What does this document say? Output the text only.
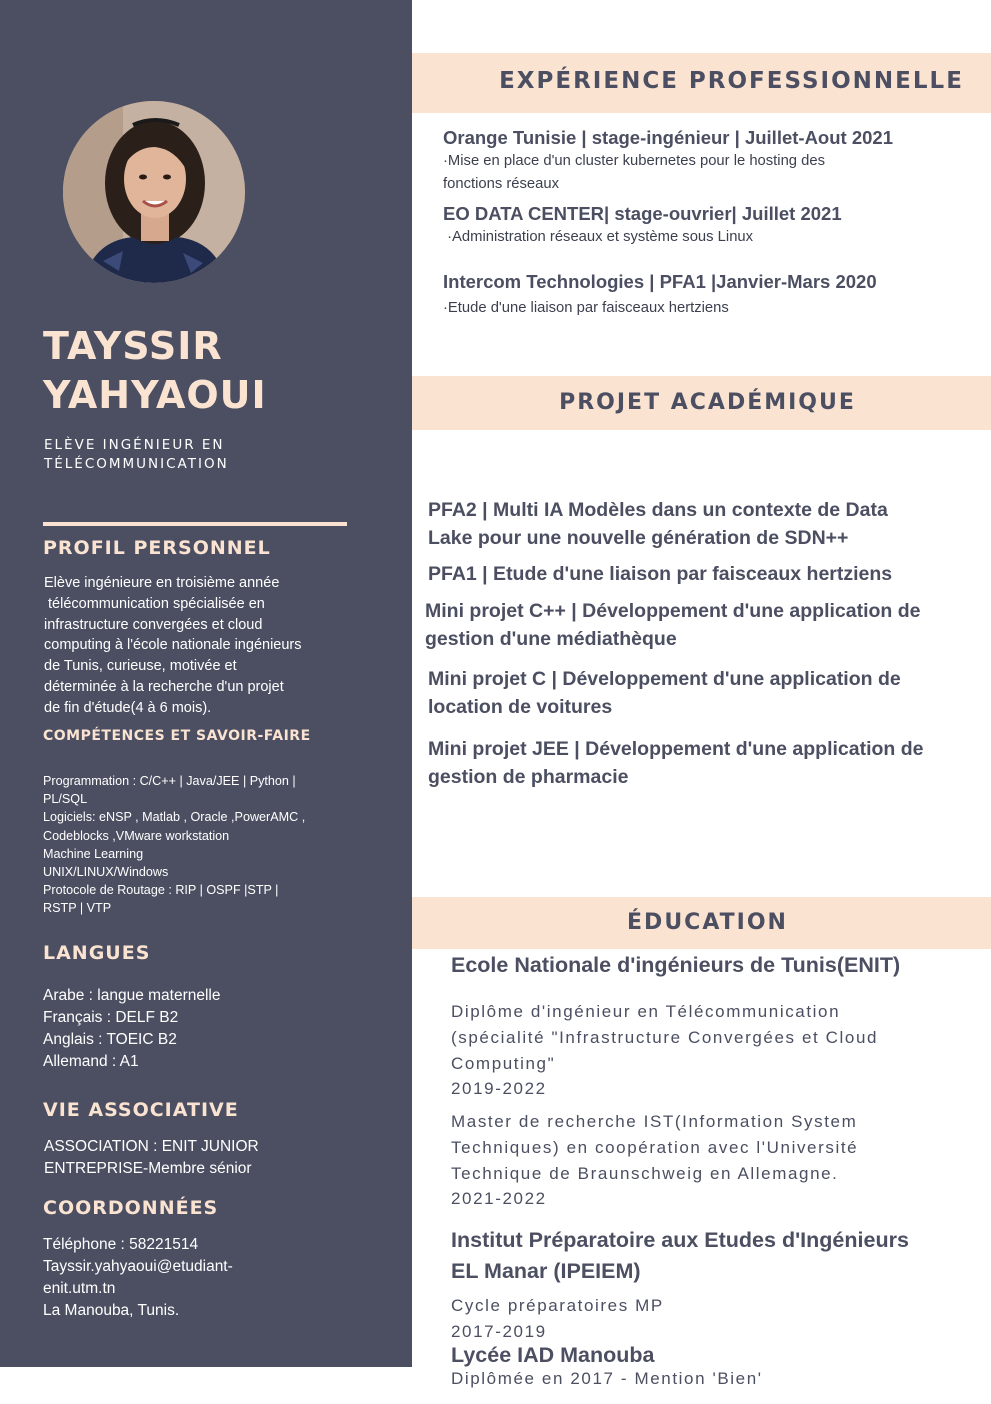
TAYSSIR
YAHYAOUI
ELÈVE INGÉNIEUR EN
TÉLÉCOMMUNICATION
PROFIL PERSONNEL
Elève ingénieure en troisième année
télécommunication spécialisée en
infrastructure convergées et cloud
computing à l'école nationale ingénieurs
de Tunis, curieuse, motivée et
déterminée à la recherche d'un projet
de fin d'étude(4 à 6 mois).
COMPÉTENCES ET SAVOIR-FAIRE
Programmation : C/C++ | Java/JEE | Python |
PL/SQL
Logiciels: eNSP , Matlab , Oracle ,PowerAMC ,
Codeblocks ,VMware workstation
Machine Learning
UNIX/LINUX/Windows
Protocole de Routage : RIP | OSPF |STP |
RSTP | VTP
LANGUES
Arabe : langue maternelle
Français : DELF B2
Anglais : TOEIC B2
Allemand : A1
VIE ASSOCIATIVE
ASSOCIATION : ENIT JUNIOR
ENTREPRISE-Membre sénior
COORDONNÉES
Téléphone : 58221514
Tayssir.yahyaoui@etudiant-
enit.utm.tn
La Manouba, Tunis.
EXPÉRIENCE PROFESSIONNELLE
Orange Tunisie | stage-ingénieur | Juillet-Aout 2021
·Mise en place d'un cluster kubernetes pour le hosting des
fonctions réseaux
EO DATA CENTER| stage-ouvrier| Juillet 2021
·Administration réseaux et système sous Linux
Intercom Technologies | PFA1 |Janvier-Mars 2020
·Etude d'une liaison par faisceaux hertziens
PROJET ACADÉMIQUE
PFA2 | Multi IA Modèles dans un contexte de Data
Lake pour une nouvelle génération de SDN++
PFA1 | Etude d'une liaison par faisceaux hertziens
Mini projet C++ | Développement d'une application de
gestion d'une médiathèque
Mini projet C | Développement d'une application de
location de voitures
Mini projet JEE | Développement d'une application de
gestion de pharmacie
ÉDUCATION
Ecole Nationale d'ingénieurs de Tunis(ENIT)
Diplôme d'ingénieur en Télécommunication
(spécialité "Infrastructure Convergées et Cloud
Computing"
2019-2022
Master de recherche IST(Information System
Techniques) en coopération avec l'Université
Technique de Braunschweig en Allemagne.
2021-2022
Institut Préparatoire aux Etudes d'Ingénieurs
EL Manar (IPEIEM)
Cycle préparatoires MP
2017-2019
Lycée IAD Manouba
Diplômée en 2017 - Mention 'Bien'
